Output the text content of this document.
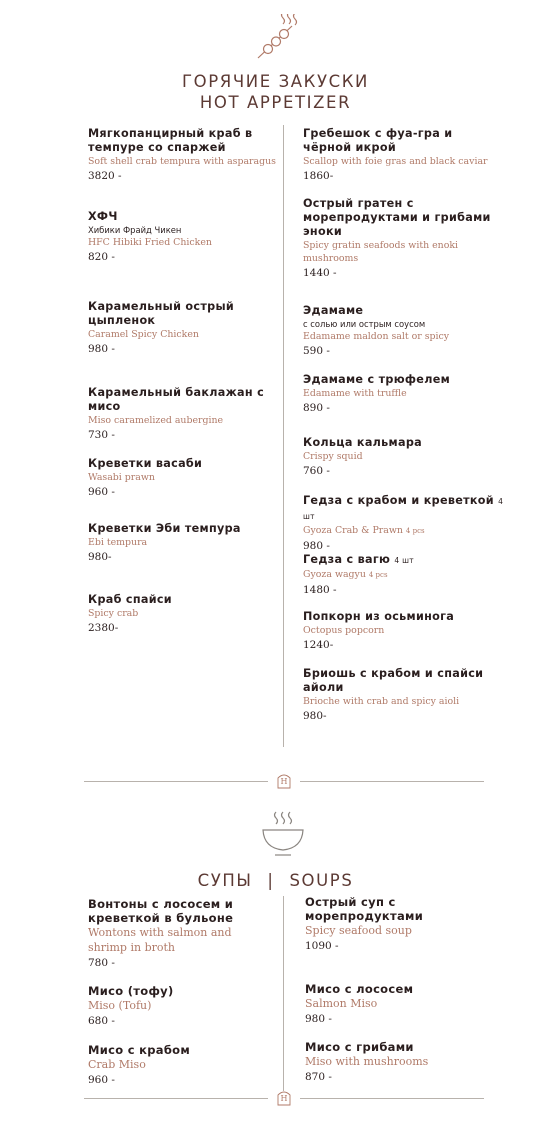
ГОРЯЧИЕ ЗАКУСКИ
HOT APPETIZER
Мягкопанцирный краб в темпуре со спаржей
Soft shell crab tempura with asparagus
3820 -
ХФЧ
Хибики Фрайд Чикен
HFC Hibiki Fried Chicken
820 -
Карамельный острый цыпленок
Caramel Spicy Chicken
980 -
Карамельный баклажан с мисо
Miso caramelized aubergine
730 -
Креветки васаби
Wasabi prawn
960 -
Креветки Эби темпура
Ebi tempura
980-
Краб спайси
Spicy crab
2380-
Гребешок с фуа-гра и чёрной икрой
Scallop with foie gras and black caviar
1860-
Острый гратен с морепродуктами и грибами эноки
Spicy gratin seafoods with enoki mushrooms
1440 -
Эдамаме
с солью или острым соусом
Edamame maldon salt or spicy
590 -
Эдамаме с трюфелем
Edamame with truffle
890 -
Кольца кальмара
Crispy squid
760 -
Гедза с крабом и креветкой 4 шт
Gyoza Crab & Prawn 4 pcs
980 -
Гедза с вагю 4 шт
Gyoza wagyu 4 pcs
1480 -
Попкорн из осьминога
Octopus popcorn
1240-
Бриошь с крабом и спайси айоли
Brioche with crab and spicy aioli
980-
H
СУПЫ | SOUPS
Вонтоны с лососем и креветкой в бульоне
Wontons with salmon and shrimp in broth
780 -
Мисо (тофу)
Miso (Tofu)
680 -
Мисо с крабом
Crab Miso
960 -
Острый суп с морепродуктами
Spicy seafood soup
1090 -
Мисо с лососем
Salmon Miso
980 -
Мисо с грибами
Miso with mushrooms
870 -
H
